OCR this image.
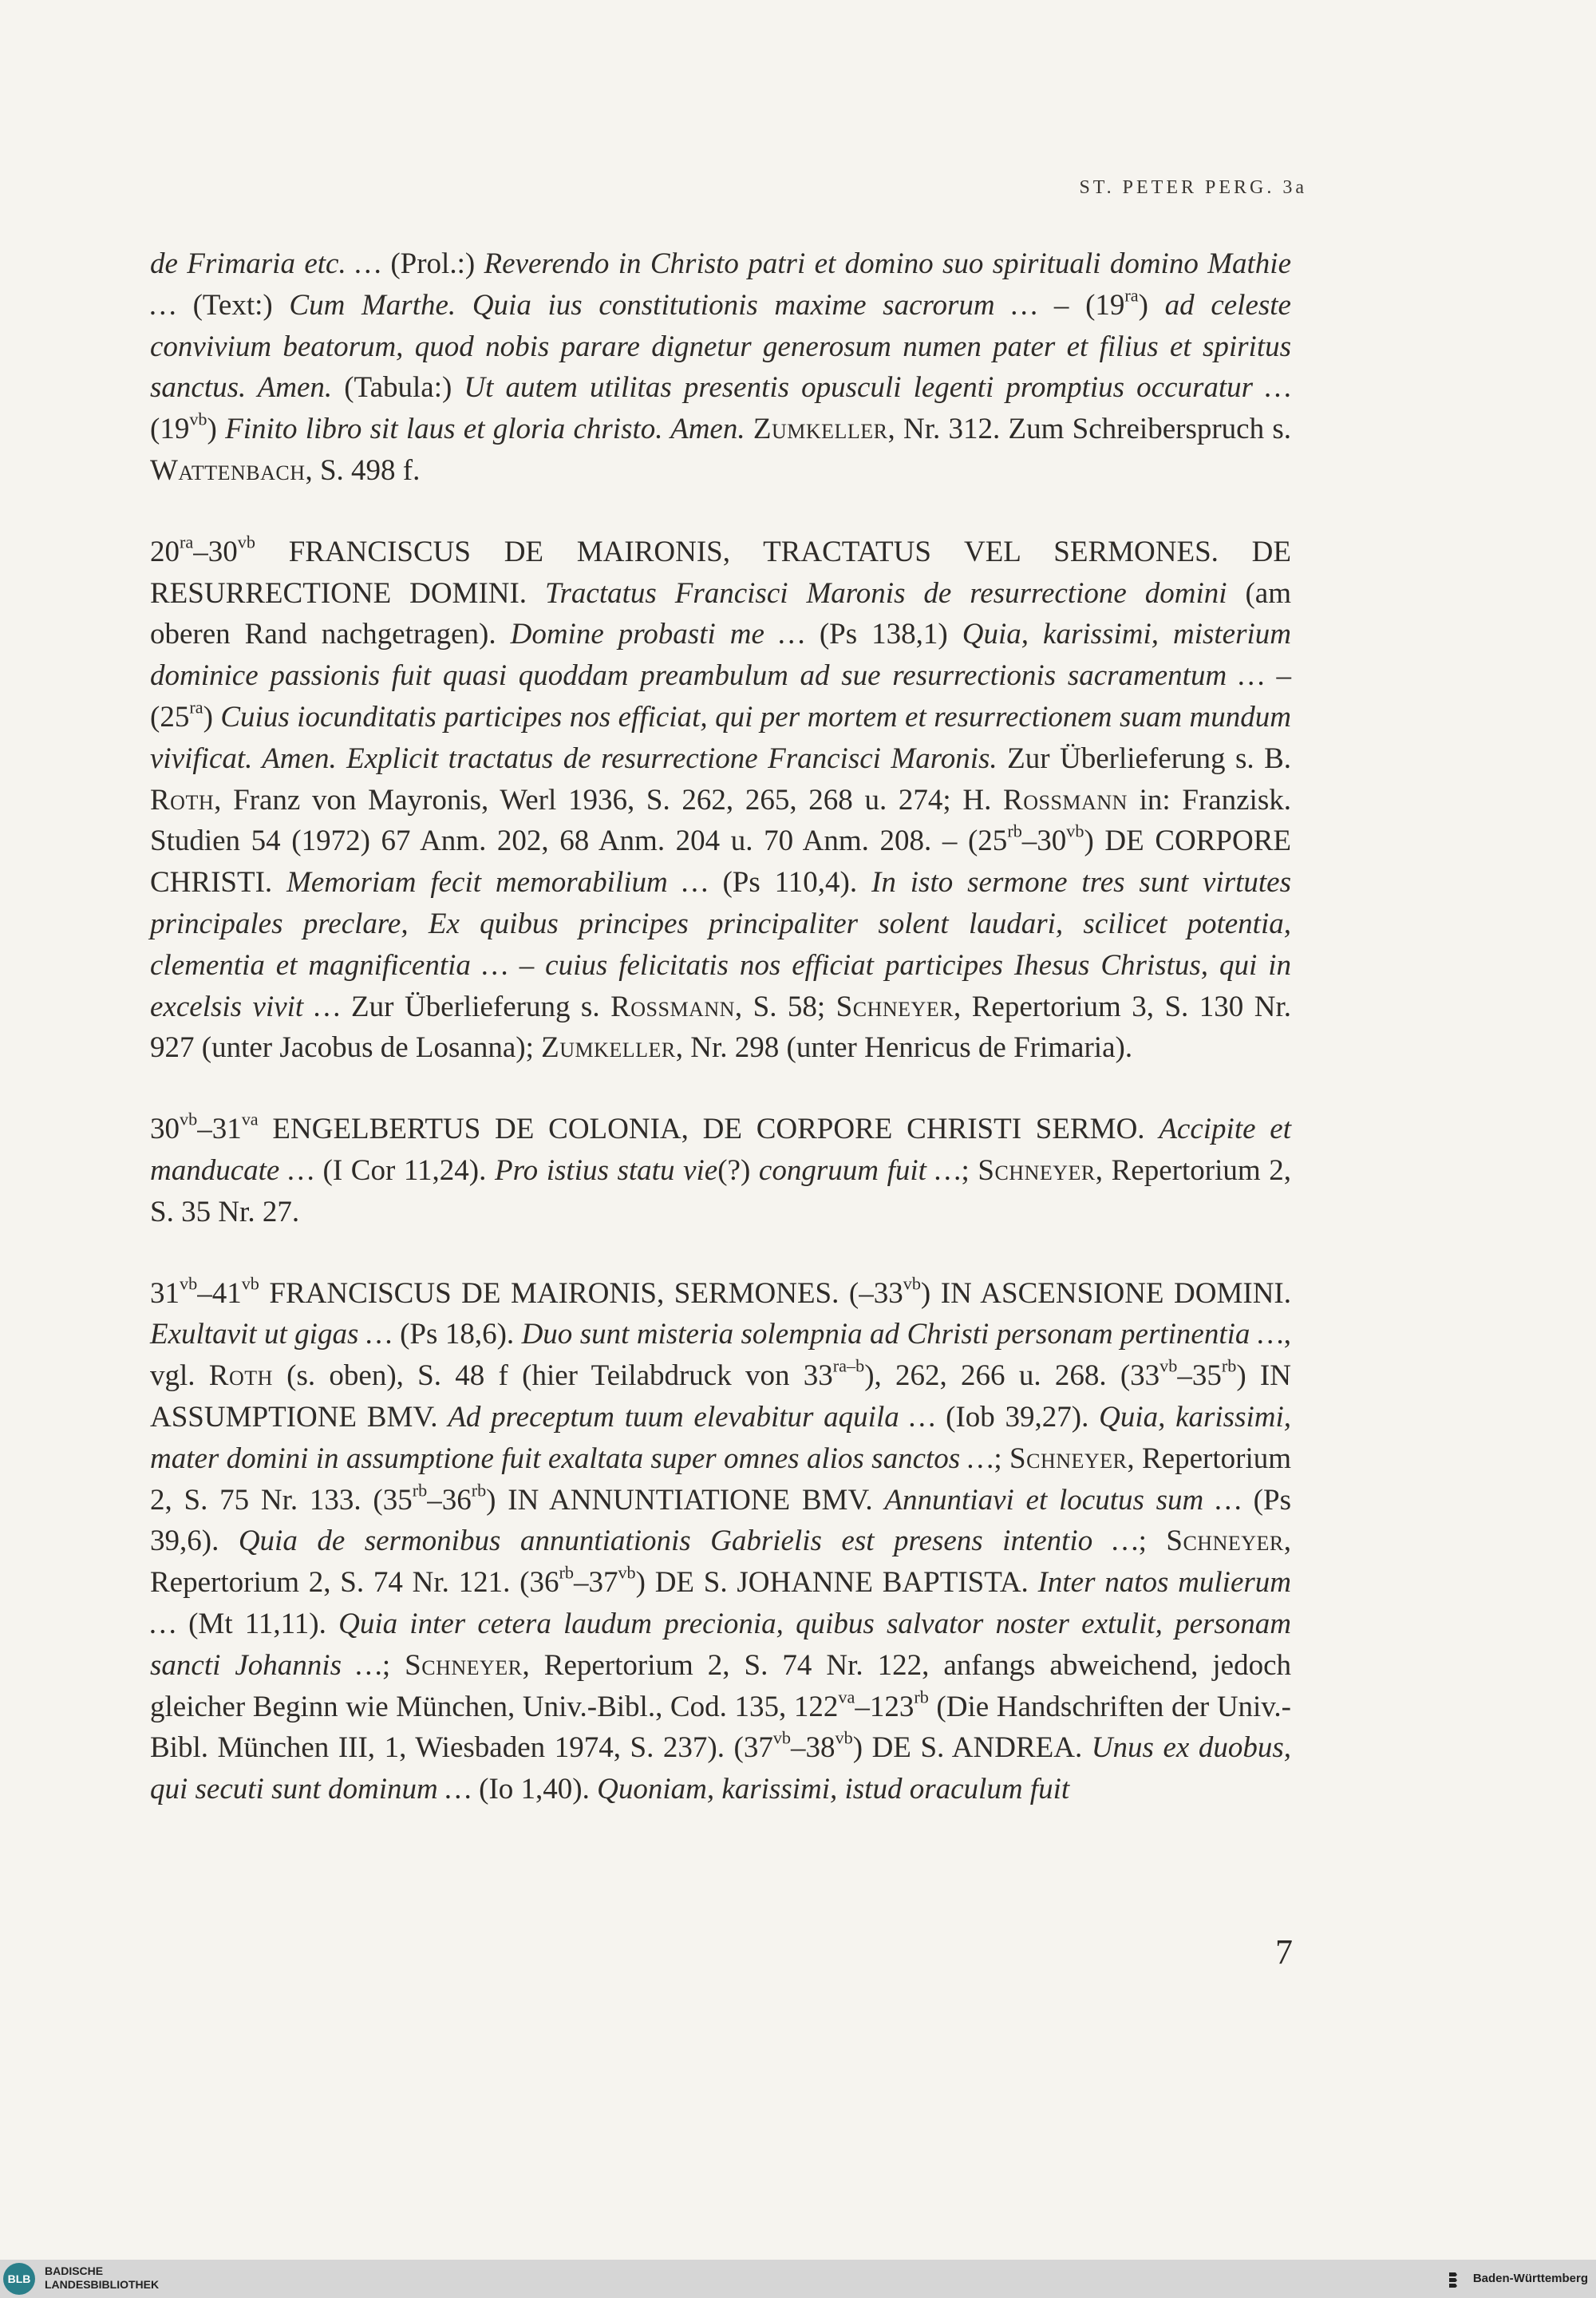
ST. PETER PERG. 3a

de Frimaria etc. … (Prol.:) Reverendo in Christo patri et domino suo spirituali domino Mathie … (Text:) Cum Marthe. Quia ius constitutionis maxime sacrorum … – $(19^{ra})$ ad celeste convivium beatorum, quod nobis parare dignetur generosum numen pater et filius et spiritus sanctus. Amen. (Tabula:) Ut autem utilitas presentis opusculi legenti promptius occuratur … $(19^{vb})$ Finito libro sit laus et gloria christo. Amen. Zumkeller, Nr. 312. Zum Schreiberspruch s. Wattenbach, S. 498 f.

$20^{ra}-30^{vb}$ FRANCISCUS DE MAIRONIS, TRACTATUS VEL SERMONES. DE RESURRECTIONE DOMINI. Tractatus Francisci Maronis de resurrectione domini (am oberen Rand nachgetragen). Domine probasti me … (Ps 138,1) Quia, karissimi, misterium dominice passionis fuit quasi quoddam preambulum ad sue resurrectionis sacramentum … – $(25^{ra})$ Cuius iocunditatis participes nos efficiat, qui per mortem et resurrectionem suam mundum vivificat. Amen. Explicit tractatus de resurrectione Francisci Maronis. Zur Überlieferung s. B. Roth, Franz von Mayronis, Werl 1936, S. 262, 265, 268 u. 274; H. Rossmann in: Franzisk. Studien 54 (1972) 67 Anm. 202, 68 Anm. 204 u. 70 Anm. 208. – $(25^{rb}-30^{vb})$ DE CORPORE CHRISTI. Memoriam fecit memorabilium … (Ps 110,4). In isto sermone tres sunt virtutes principales preclare, Ex quibus principes principaliter solent laudari, scilicet potentia, clementia et magnificentia … – cuius felicitatis nos efficiat participes Ihesus Christus, qui in excelsis vivit … Zur Überlieferung s. Rossmann, S. 58; Schneyer, Repertorium 3, S. 130 Nr. 927 (unter Jacobus de Losanna); Zumkeller, Nr. 298 (unter Henricus de Frimaria).

$30^{vb}-31^{va}$ ENGELBERTUS DE COLONIA, DE CORPORE CHRISTI SERMO. Accipite et manducate … (I Cor 11,24). Pro istius statu vie(?) congruum fuit …; Schneyer, Repertorium 2, S. 35 Nr. 27.

$31^{vb}-41^{vb}$ FRANCISCUS DE MAIRONIS, SERMONES. $(-33^{vb})$ IN ASCENSIONE DOMINI. Exultavit ut gigas … (Ps 18,6). Duo sunt misteria solempnia ad Christi personam pertinentia …, vgl. Roth (s. oben), S. 48 f (hier Teilabdruck von $33^{ra-b}$), 262, 266 u. 268. $(33^{vb}-35^{rb})$ IN ASSUMPTIONE BMV. Ad preceptum tuum elevabitur aquila … (Iob 39,27). Quia, karissimi, mater domini in assumptione fuit exaltata super omnes alios sanctos …; Schneyer, Repertorium 2, S. 75 Nr. 133. $(35^{rb}-36^{rb})$ IN ANNUNTIATIONE BMV. Annuntiavi et locutus sum … (Ps 39,6). Quia de sermonibus annuntiationis Gabrielis est presens intentio …; Schneyer, Repertorium 2, S. 74 Nr. 121. $(36^{rb}-37^{vb})$ DE S. JOHANNE BAPTISTA. Inter natos mulierum … (Mt 11,11). Quia inter cetera laudum precionia, quibus salvator noster extulit, personam sancti Johannis …; Schneyer, Repertorium 2, S. 74 Nr. 122, anfangs abweichend, jedoch gleicher Beginn wie München, Univ.-Bibl., Cod. 135, $122^{va}-123^{rb}$ (Die Handschriften der Univ.-Bibl. München III, 1, Wiesbaden 1974, S. 237). $(37^{vb}-38^{vb})$ DE S. ANDREA. Unus ex duobus, qui secuti sunt dominum … (Io 1,40). Quoniam, karissimi, istud oraculum fuit

7
BLB
BADISCHE
LANDESBIBLIOTHEK	Baden-Württemberg
